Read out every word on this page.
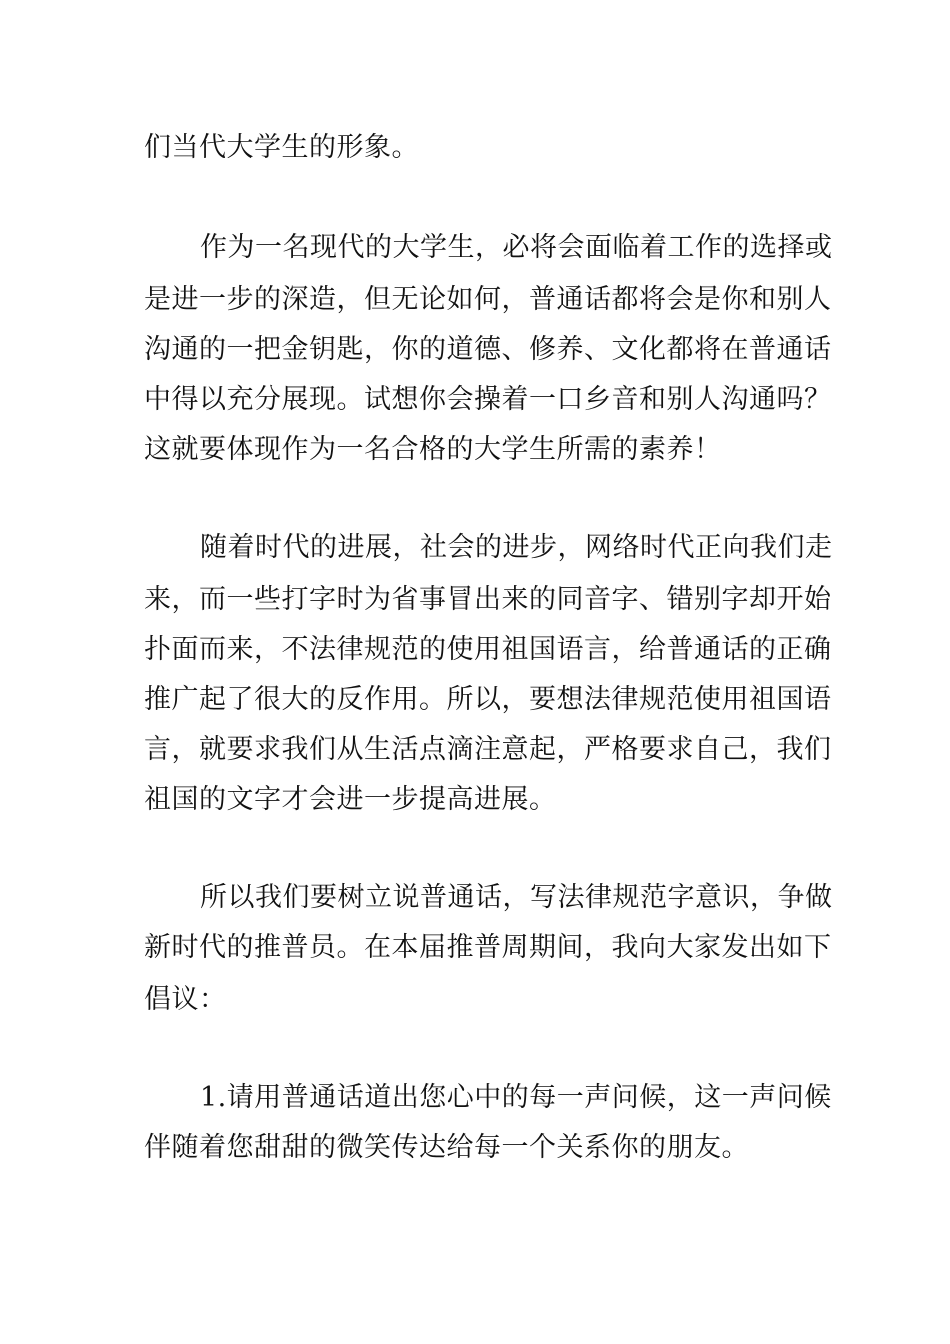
们当代大学生的形象。
作为一名现代的大学生，必将会面临着工作的选择或
是进一步的深造，但无论如何，普通话都将会是你和别人
沟通的一把金钥匙，你的道德、修养、文化都将在普通话
中得以充分展现。试想你会操着一口乡音和别人沟通吗？
这就要体现作为一名合格的大学生所需的素养！
随着时代的进展，社会的进步，网络时代正向我们走
来，而一些打字时为省事冒出来的同音字、错别字却开始
扑面而来，不法律规范的使用祖国语言，给普通话的正确
推广起了很大的反作用。所以，要想法律规范使用祖国语
言，就要求我们从生活点滴注意起，严格要求自己，我们
祖国的文字才会进一步提高进展。
所以我们要树立说普通话，写法律规范字意识，争做
新时代的推普员。在本届推普周期间，我向大家发出如下
倡议：
1.请用普通话道出您心中的每一声问候，这一声问候
伴随着您甜甜的微笑传达给每一个关系你的朋友。
